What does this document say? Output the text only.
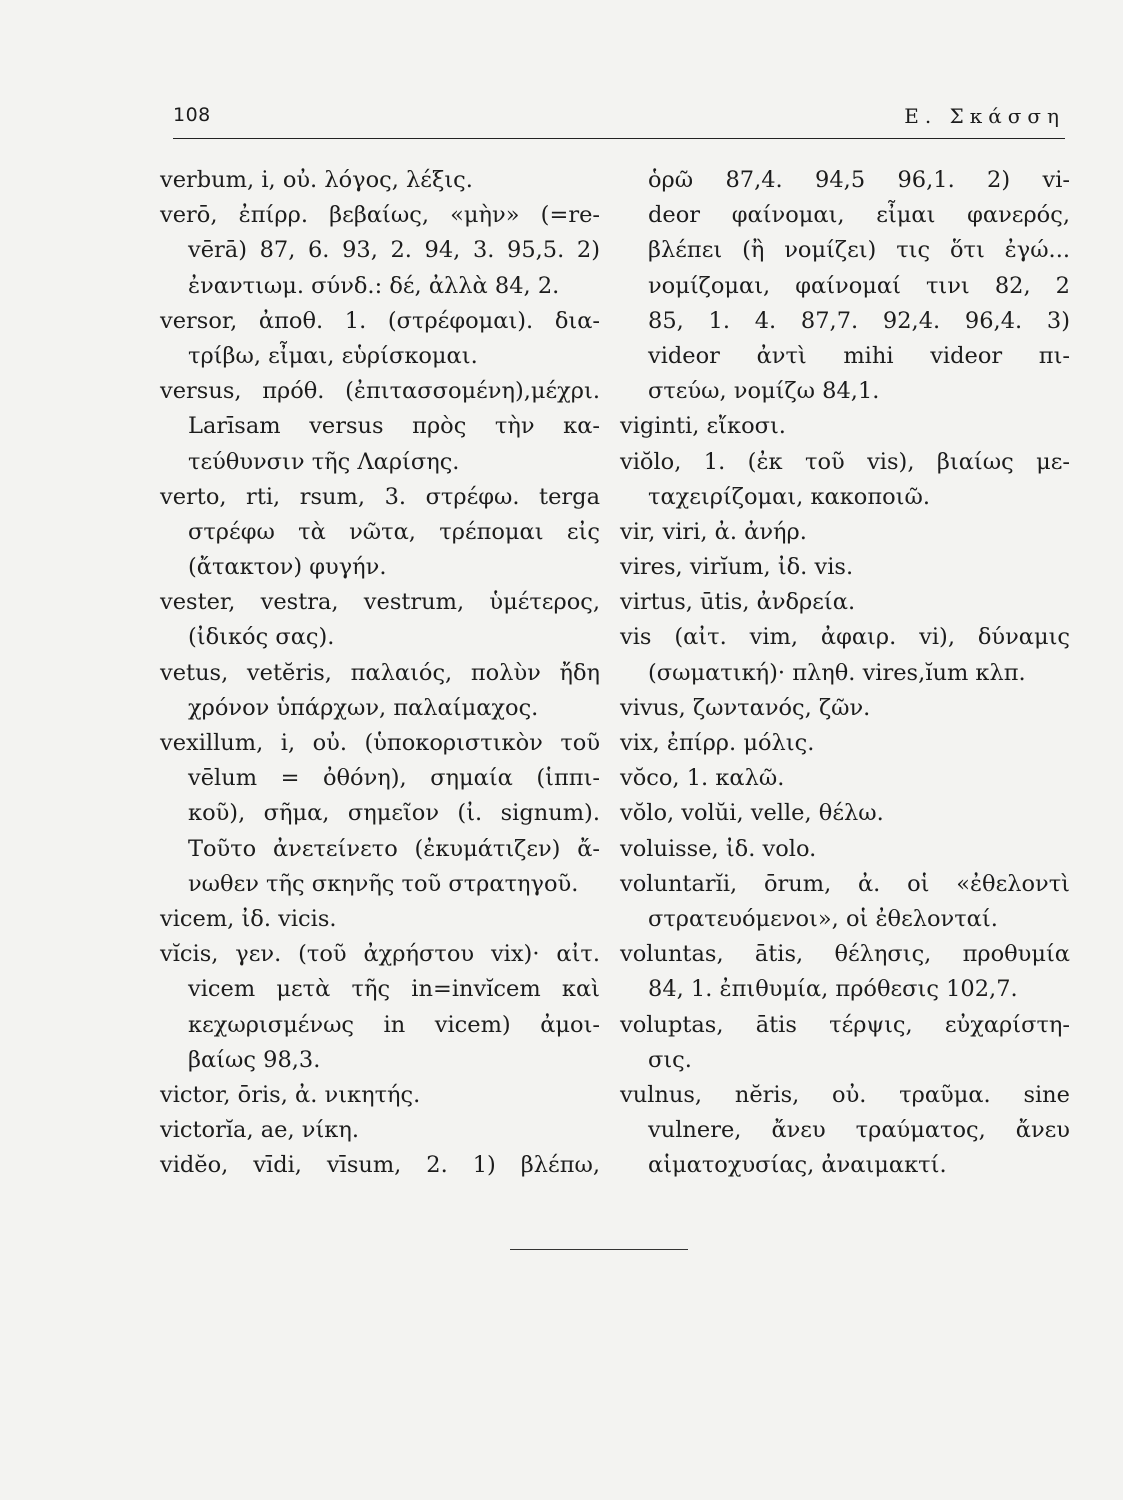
108	Ε. Σκάσση
verbum, i, οὐ. λόγος, λέξις.
verō, ἐπίρρ. βεβαίως, «μὴν» (=re-
vērā) 87, 6. 93, 2. 94, 3. 95,5. 2)
ἐναντιωμ. σύνδ.: δέ, ἀλλὰ 84, 2.
versor, ἀποθ. 1. (στρέφομαι). δια-
τρίβω, εἶμαι, εὑρίσκομαι.
versus, πρόθ. (ἐπιτασσομένη),μέχρι.
Larīsam versus πρὸς τὴν κα-
τεύθυνσιν τῆς Λαρίσης.
verto, rti, rsum, 3. στρέφω. terga
στρέφω τὰ νῶτα, τρέπομαι εἰς
(ἄτακτον) φυγήν.
vester, vestra, vestrum, ὑμέτερος,
(ἰδικός σας).
vetus, vetĕris, παλαιός, πολὺν ἤδη
χρόνον ὑπάρχων, παλαίμαχος.
vexillum, i, οὐ. (ὑποκοριστικὸν τοῦ
vēlum = ὀθόνη), σημαία (ἱππι-
κοῦ), σῆμα, σημεῖον (ἰ. signum).
Τοῦτο ἀνετείνετο (ἐκυμάτιζεν) ἄ-
νωθεν τῆς σκηνῆς τοῦ στρατηγοῦ.
vicem, ἰδ. vicis.
vĭcis, γεν. (τοῦ ἀχρήστου vix)· αἰτ.
vicem μετὰ τῆς in=invĭcem καὶ
κεχωρισμένως in vicem) ἀμοι-
βαίως 98,3.
victor, ōris, ἀ. νικητής.
victorĭa, ae, νίκη.
vidĕo, vīdi, vīsum, 2. 1) βλέπω,
ὁρῶ 87,4. 94,5 96,1. 2) vi-
deor φαίνομαι, εἶμαι φανερός,
βλέπει (ἢ νομίζει) τις ὅτι ἐγώ...
νομίζομαι, φαίνομαί τινι 82, 2
85, 1. 4. 87,7. 92,4. 96,4. 3)
videor ἀντὶ mihi videor πι-
στεύω, νομίζω 84,1.
viginti, εἴκοσι.
viŏlo, 1. (ἐκ τοῦ vis), βιαίως με-
ταχειρίζομαι, κακοποιῶ.
vir, viri, ἀ. ἀνήρ.
vires, virĭum, ἰδ. vis.
virtus, ūtis, ἀνδρεία.
vis (αἰτ. vim, ἀφαιρ. vi), δύναμις
(σωματική)· πληθ. vires,ĭum κλπ.
vivus, ζωντανός, ζῶν.
vix, ἐπίρρ. μόλις.
vŏco, 1. καλῶ.
vŏlo, volŭi, velle, θέλω.
voluisse, ἰδ. volo.
voluntarĭi, ōrum, ἀ. οἱ «ἐθελοντὶ
στρατευόμενοι», οἱ ἐθελονταί.
voluntas, ātis, θέλησις, προθυμία
84, 1. ἐπιθυμία, πρόθεσις 102,7.
voluptas, ātis τέρψις, εὐχαρίστη-
σις.
vulnus, nĕris, οὐ. τραῦμα. sine
vulnere, ἄνευ τραύματος, ἄνευ
αἱματοχυσίας, ἀναιμακτί.
